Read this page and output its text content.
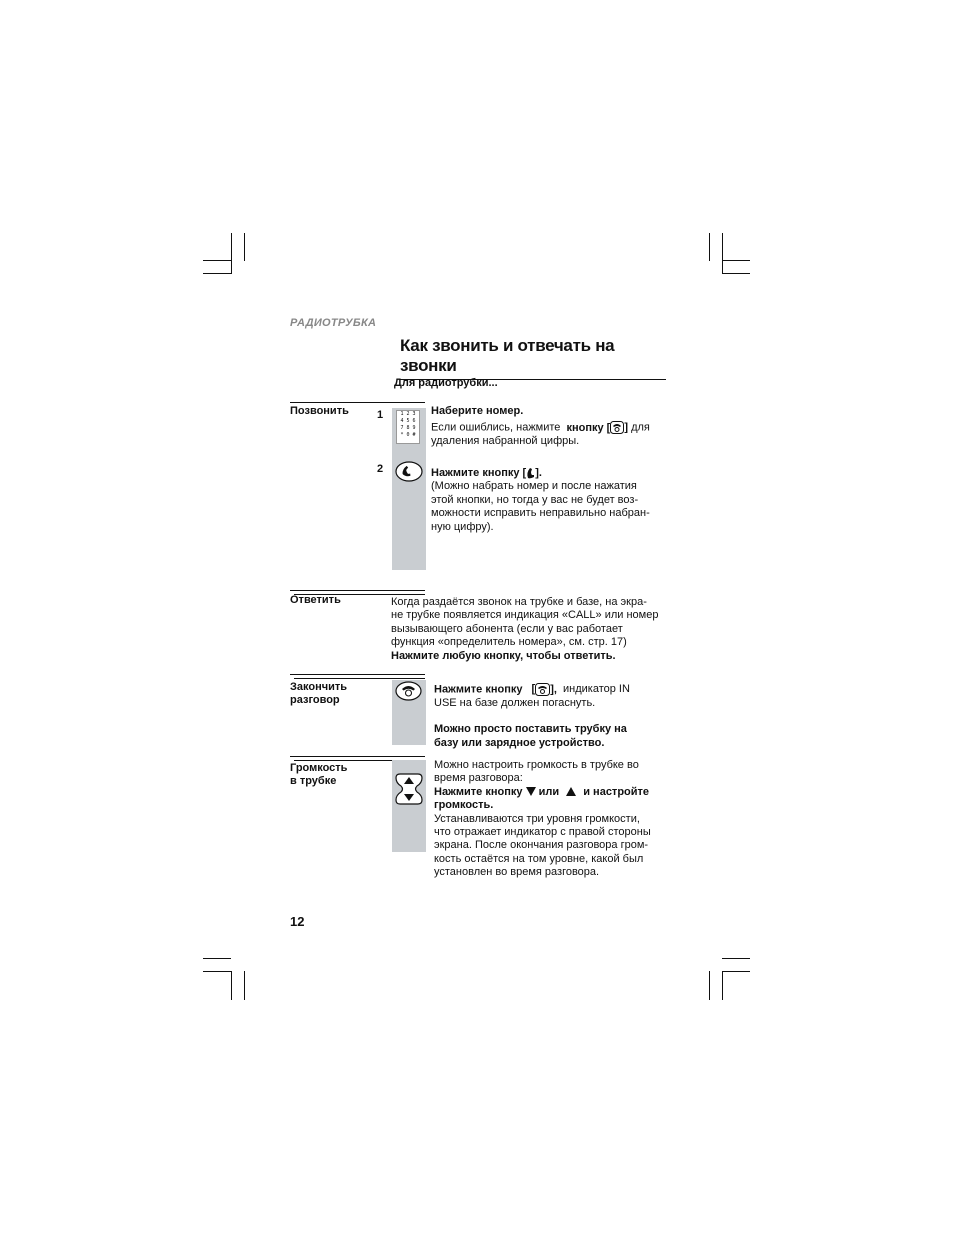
РАДИОТРУБКА
Как звонить и отвечать на звонки
Для радиотрубки...
Позвонить	1	1 2 3
4 5 6
7 8 9
* 0 #

Наберите номер.

Если ошиблись, нажмите кнопку [ ] для

удаления набранной цифры.

2	Нажмите кнопку [ ].

(Можно набрать номер и после нажатия

этой кнопки, но тогда у вас не будет воз-

можности исправить неправильно набран-

ную цифру).

Ответить	Когда раздаётся звонок на трубке и базе, на экра-

не трубке появляется индикация «CALL» или номер

вызывающего абонента (если у вас работает

функция «определитель номера», см. стр. 17)

Нажмите любую кнопку, чтобы ответить.

Закончить
разговор

Нажмите кнопку [ ], индикатор IN

USE на базе должен погаснуть.

Можно просто поставить трубку на

базу или зарядное устройство.

Громкость
в трубке

Можно настроить громкость в трубке во

время разговора:

Нажмите кнопку или и настройте

громкость.

Устанавливаются три уровня громкости,

что отражает индикатор с правой стороны

экрана. После окончания разговора гром-

кость остаётся на том уровне, какой был

установлен во время разговора.

12
